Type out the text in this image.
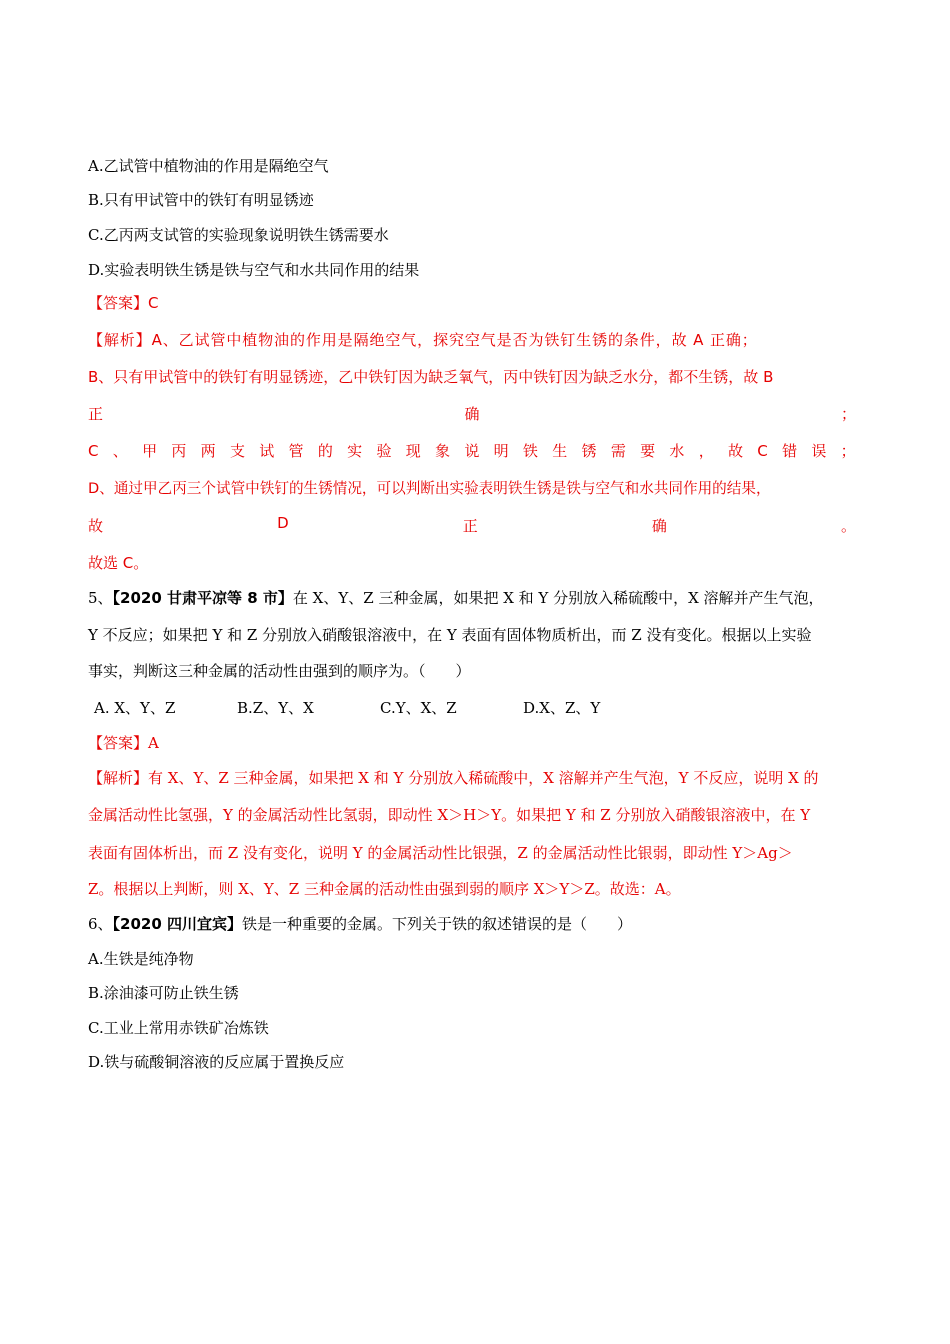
A.乙试管中植物油的作用是隔绝空气
B.只有甲试管中的铁钉有明显锈迹
C.乙丙两支试管的实验现象说明铁生锈需要水
D.实验表明铁生锈是铁与空气和水共同作用的结果
【答案】C
【解析】A、乙试管中植物油的作用是隔绝空气，探究空气是否为铁钉生锈的条件，故 A 正确；
B、只有甲试管中的铁钉有明显锈迹，乙中铁钉因为缺乏氧气，丙中铁钉因为缺乏水分，都不生锈，故 B
正	确	；
C 、 甲 丙 两 支 试 管 的 实 验 现 象 说 明 铁 生 锈 需 要 水 ， 故 C 错 误 ；
D、通过甲乙丙三个试管中铁钉的生锈情况，可以判断出实验表明铁生锈是铁与空气和水共同作用的结果，
故	D	正	确	。
故选 C。
5、【2020 甘肃平凉等 8 市】在 X、Y、Z 三种金属，如果把 X 和 Y 分别放入稀硫酸中，X 溶解并产生气泡，
Y 不反应；如果把 Y 和 Z 分别放入硝酸银溶液中，在 Y 表面有固体物质析出，而 Z 没有变化。根据以上实验
事实，判断这三种金属的活动性由强到的顺序为。（　　）
A. X、Y、Z	B.Z、Y、X	C.Y、X、Z	D.X、Z、Y
【答案】A
【解析】有 X、Y、Z 三种金属，如果把 X 和 Y 分别放入稀硫酸中，X 溶解并产生气泡，Y 不反应，说明 X 的
金属活动性比氢强，Y 的金属活动性比氢弱，即动性 X＞H＞Y。如果把 Y 和 Z 分别放入硝酸银溶液中，在 Y
表面有固体析出，而 Z 没有变化，说明 Y 的金属活动性比银强，Z 的金属活动性比银弱，即动性 Y＞Ag＞
Z。根据以上判断，则 X、Y、Z 三种金属的活动性由强到弱的顺序 X＞Y＞Z。故选：A。
6、【2020 四川宜宾】铁是一种重要的金属。下列关于铁的叙述错误的是（　　）
A.生铁是纯净物
B.涂油漆可防止铁生锈
C.工业上常用赤铁矿冶炼铁
D.铁与硫酸铜溶液的反应属于置换反应
